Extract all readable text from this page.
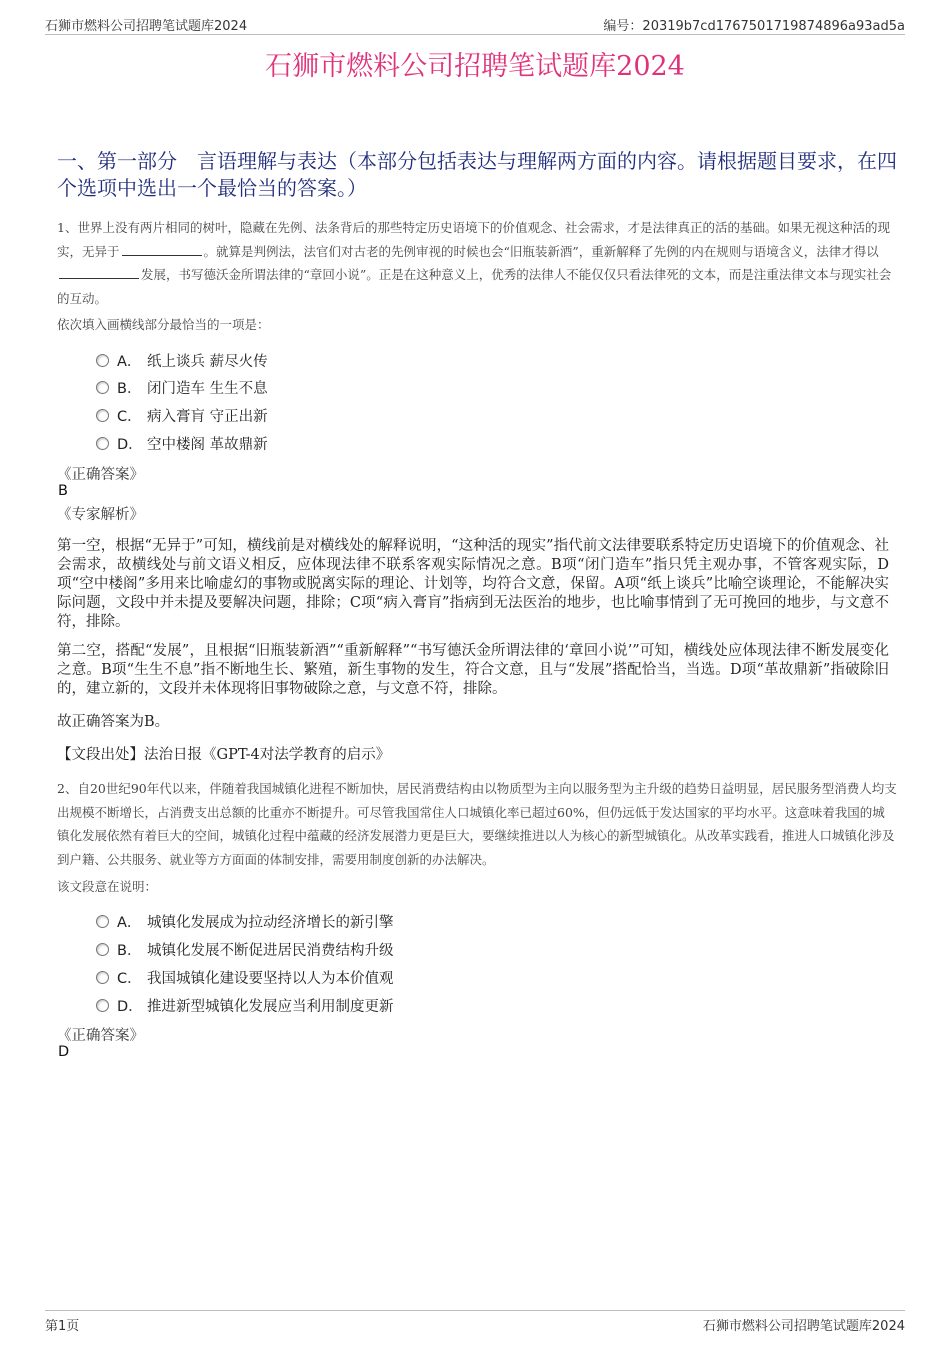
石狮市燃料公司招聘笔试题库2024	编号：20319b7cd1767501719874896a93ad5a
石狮市燃料公司招聘笔试题库2024
一、第一部分　言语理解与表达（本部分包括表达与理解两方面的内容。请根据题目要求，在四个选项中选出一个最恰当的答案。）
1、世界上没有两片相同的树叶，隐藏在先例、法条背后的那些特定历史语境下的价值观念、社会需求，才是法律真正的活的基础。如果无视这种活的现实，无异于	。就算是判例法，法官们对古老的先例审视的时候也会“旧瓶装新酒”，重新解释了先例的内在规则与语境含义，法律才得以发展，书写德沃金所谓法律的“章回小说”。正是在这种意义上，优秀的法律人不能仅仅只看法律死的文本，而是注重法律文本与现实社会的互动。
依次填入画横线部分最恰当的一项是：
A． 纸上谈兵 薪尽火传
B． 闭门造车 生生不息
C． 病入膏肓 守正出新
D． 空中楼阁 革故鼎新
《正确答案》
B
《专家解析》
第一空，根据“无异于”可知，横线前是对横线处的解释说明，“这种活的现实”指代前文法律要联系特定历史语境下的价值观念、社会需求，故横线处与前文语义相反，应体现法律不联系客观实际情况之意。B项“闭门造车”指只凭主观办事，不管客观实际，D项“空中楼阁”多用来比喻虚幻的事物或脱离实际的理论、计划等，均符合文意，保留。A项“纸上谈兵”比喻空谈理论，不能解决实际问题，文段中并未提及要解决问题，排除；C项“病入膏肓”指病到无法医治的地步，也比喻事情到了无可挽回的地步，与文意不符，排除。
第二空，搭配“发展”，且根据“旧瓶装新酒”“重新解释”“书写德沃金所谓法律的‘章回小说’”可知，横线处应体现法律不断发展变化之意。B项“生生不息”指不断地生长、繁殖，新生事物的发生，符合文意，且与“发展”搭配恰当，当选。D项“革故鼎新”指破除旧的，建立新的，文段并未体现将旧事物破除之意，与文意不符，排除。
故正确答案为B。
【文段出处】法治日报《GPT-4对法学教育的启示》
2、自20世纪90年代以来，伴随着我国城镇化进程不断加快，居民消费结构由以物质型为主向以服务型为主升级的趋势日益明显，居民服务型消费人均支出规模不断增长，占消费支出总额的比重亦不断提升。可尽管我国常住人口城镇化率已超过60%，但仍远低于发达国家的平均水平。这意味着我国的城镇化发展依然有着巨大的空间，城镇化过程中蕴藏的经济发展潜力更是巨大，要继续推进以人为核心的新型城镇化。从改革实践看，推进人口城镇化涉及到户籍、公共服务、就业等方方面面的体制安排，需要用制度创新的办法解决。
该文段意在说明：
A． 城镇化发展成为拉动经济增长的新引擎
B． 城镇化发展不断促进居民消费结构升级
C． 我国城镇化建设要坚持以人为本价值观
D． 推进新型城镇化发展应当利用制度更新
《正确答案》
D
第1页	石狮市燃料公司招聘笔试题库2024
